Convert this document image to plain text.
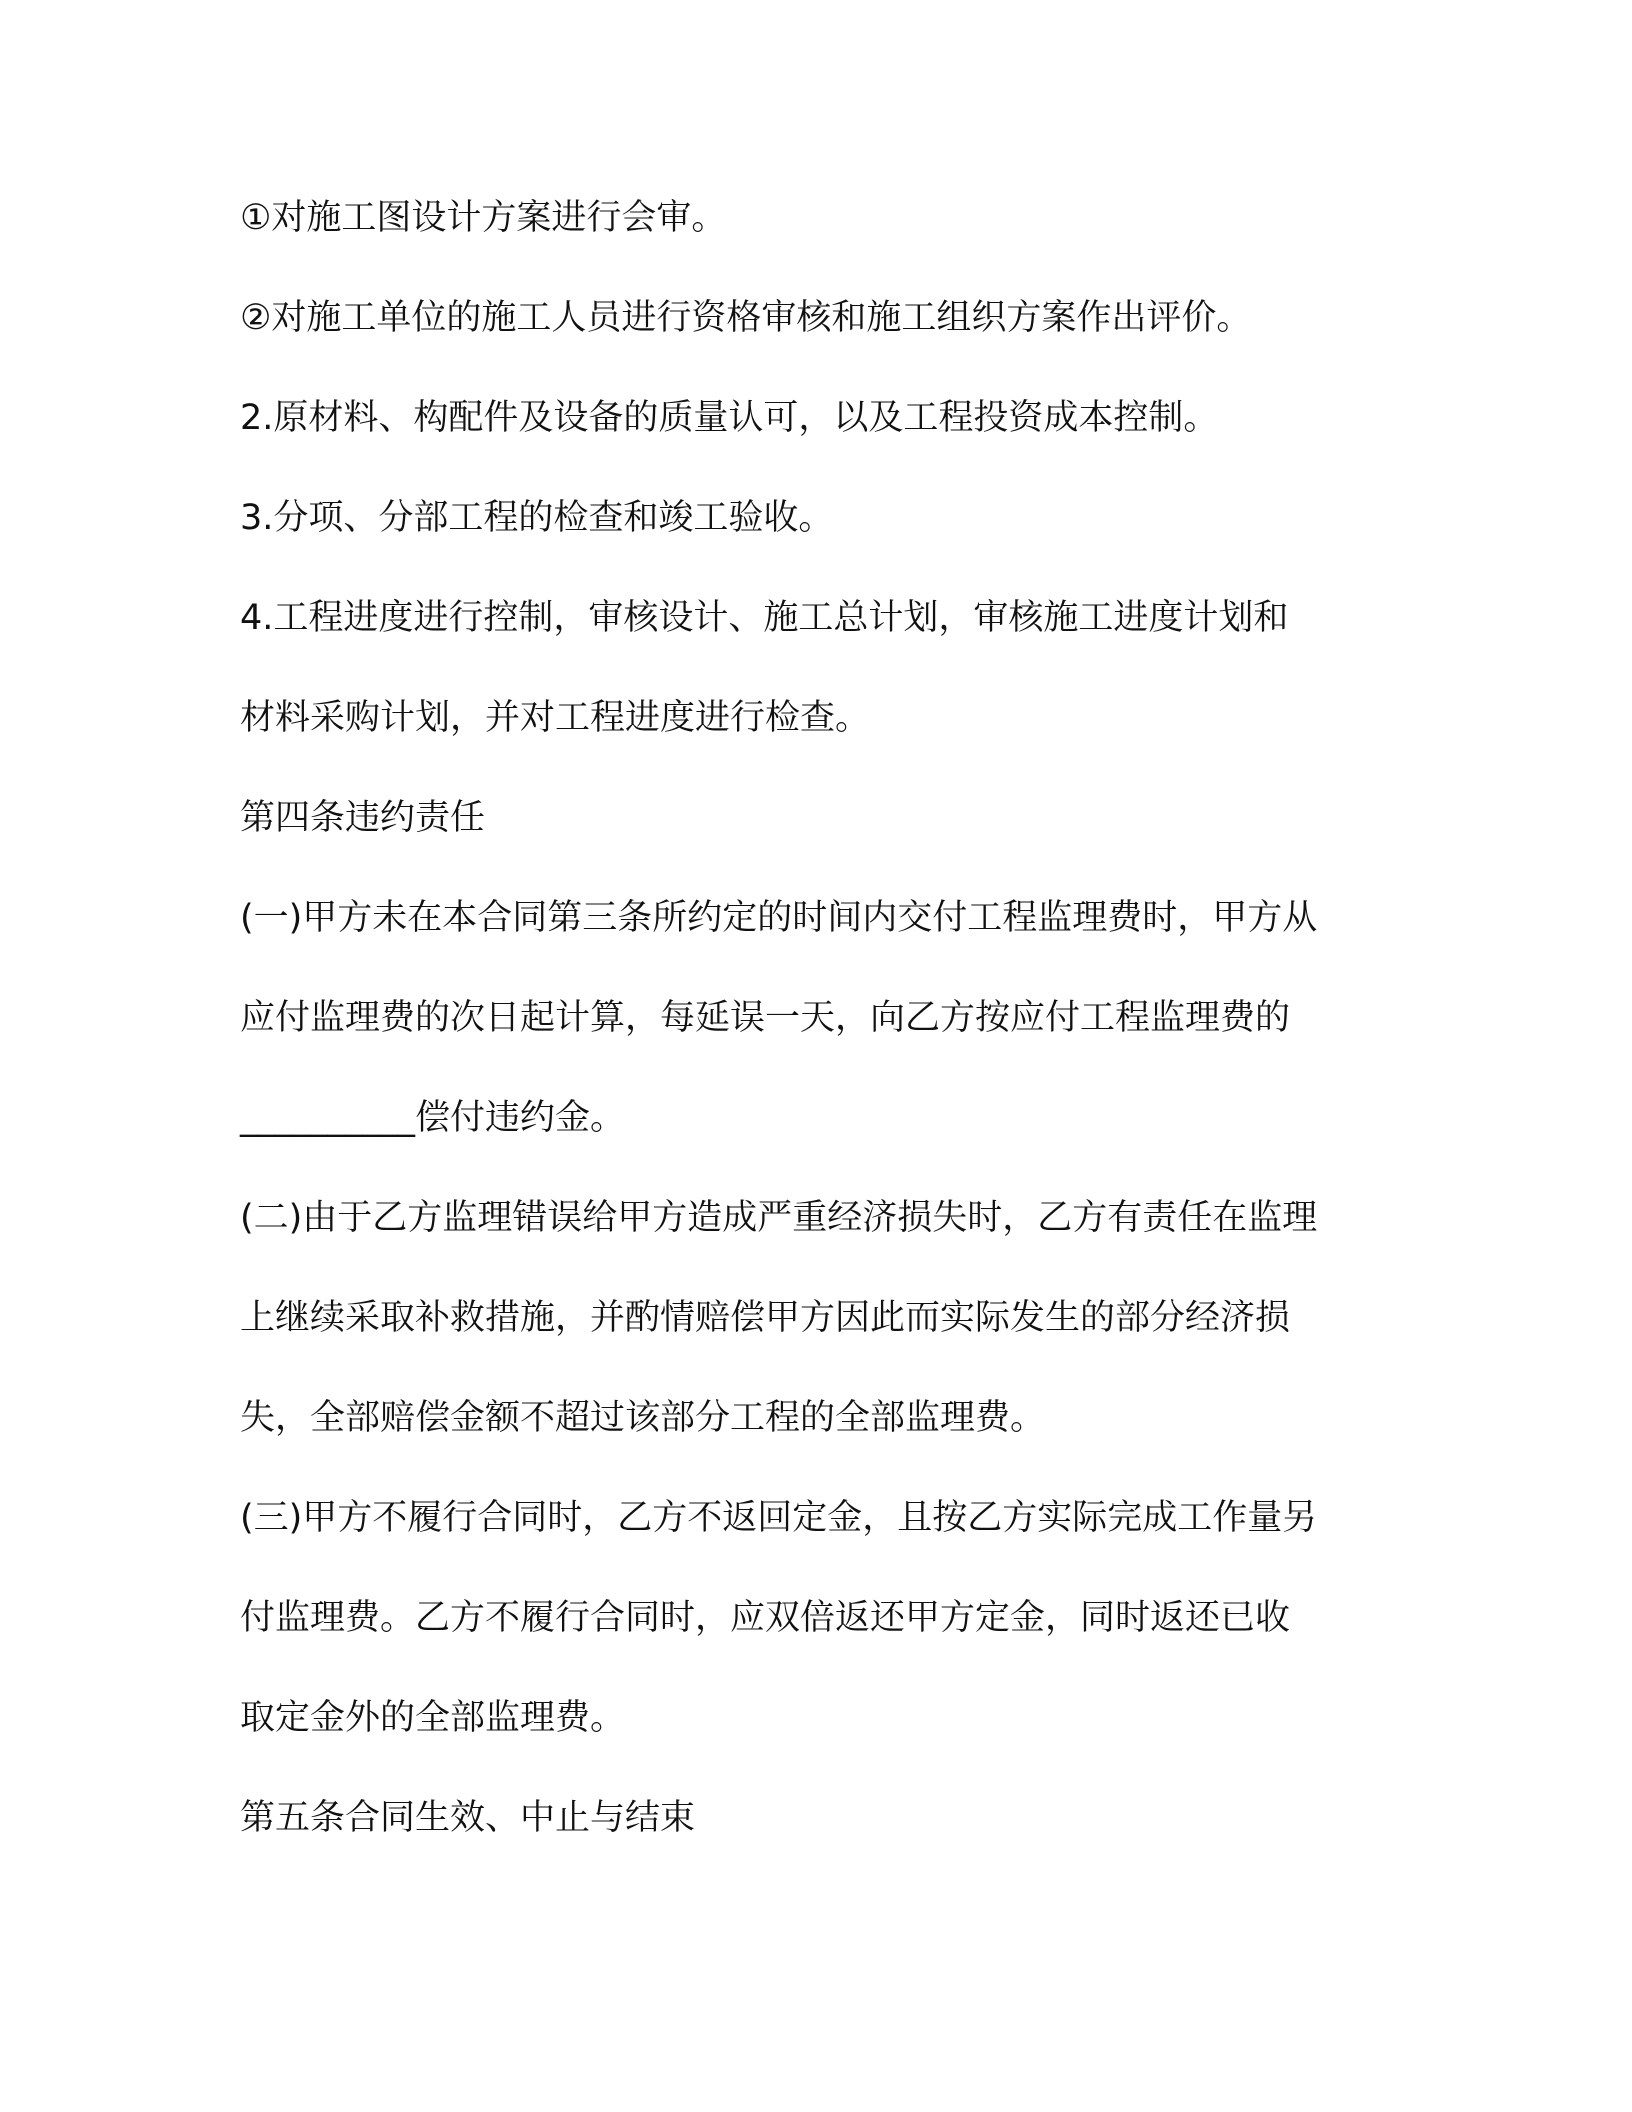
①对施工图设计方案进行会审。
②对施工单位的施工人员进行资格审核和施工组织方案作出评价。
2.原材料、构配件及设备的质量认可，以及工程投资成本控制。
3.分项、分部工程的检查和竣工验收。
4.工程进度进行控制，审核设计、施工总计划，审核施工进度计划和
材料采购计划，并对工程进度进行检查。
第四条违约责任
(一)甲方未在本合同第三条所约定的时间内交付工程监理费时，甲方从
应付监理费的次日起计算，每延误一天，向乙方按应付工程监理费的
__________偿付违约金。
(二)由于乙方监理错误给甲方造成严重经济损失时，乙方有责任在监理
上继续采取补救措施，并酌情赔偿甲方因此而实际发生的部分经济损
失，全部赔偿金额不超过该部分工程的全部监理费。
(三)甲方不履行合同时，乙方不返回定金，且按乙方实际完成工作量另
付监理费。乙方不履行合同时，应双倍返还甲方定金，同时返还已收
取定金外的全部监理费。
第五条合同生效、中止与结束
